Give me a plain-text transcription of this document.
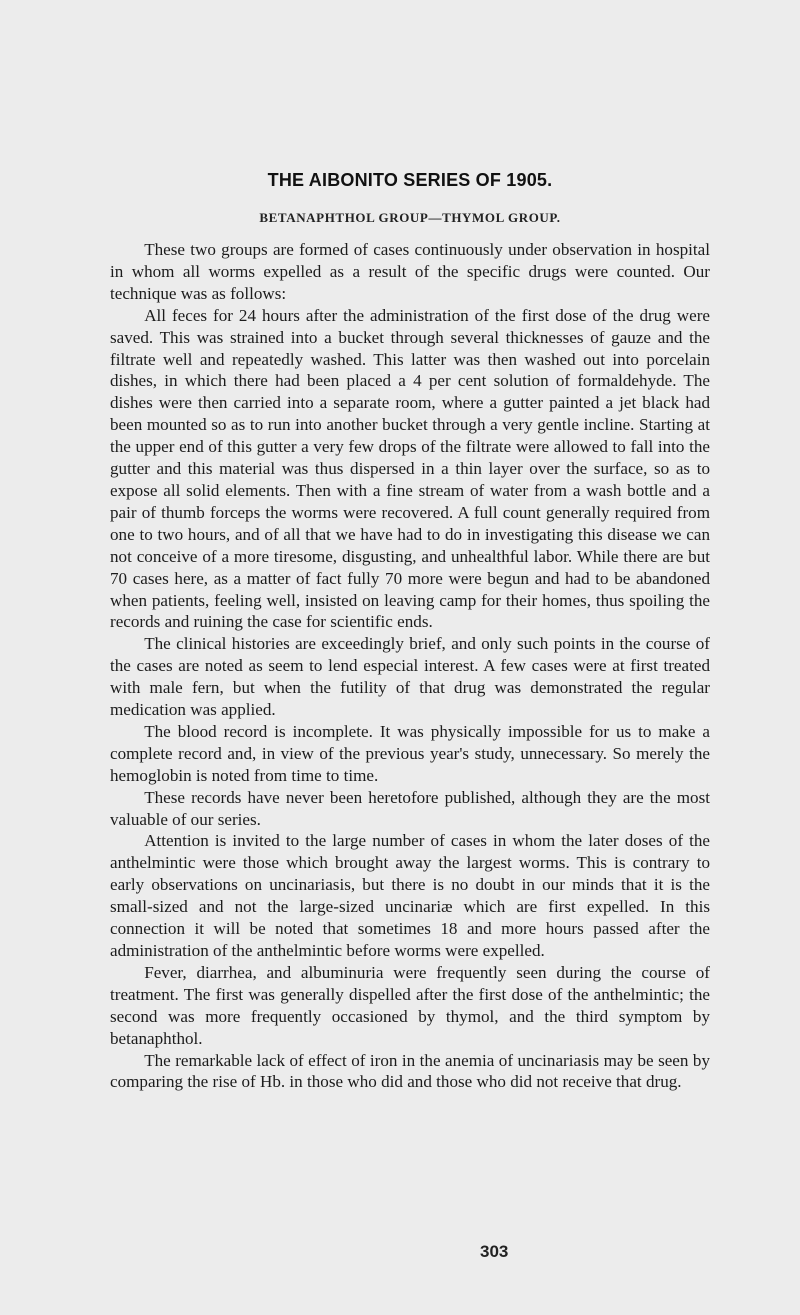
THE AIBONITO SERIES OF 1905.
BETANAPHTHOL GROUP—THYMOL GROUP.

These two groups are formed of cases continuously under observation in hospital in whom all worms expelled as a result of the specific drugs were counted. Our technique was as follows:

All feces for 24 hours after the administration of the first dose of the drug were saved. This was strained into a bucket through several thicknesses of gauze and the filtrate well and repeatedly washed. This latter was then washed out into porcelain dishes, in which there had been placed a 4 per cent solution of formaldehyde. The dishes were then carried into a separate room, where a gutter painted a jet black had been mounted so as to run into another bucket through a very gentle incline. Starting at the upper end of this gutter a very few drops of the filtrate were allowed to fall into the gutter and this material was thus dispersed in a thin layer over the surface, so as to expose all solid elements. Then with a fine stream of water from a wash bottle and a pair of thumb forceps the worms were recovered. A full count generally required from one to two hours, and of all that we have had to do in investigating this disease we can not conceive of a more tiresome, disgusting, and unhealthful labor. While there are but 70 cases here, as a matter of fact fully 70 more were begun and had to be abandoned when patients, feeling well, insisted on leaving camp for their homes, thus spoiling the records and ruining the case for scientific ends.

The clinical histories are exceedingly brief, and only such points in the course of the cases are noted as seem to lend especial interest. A few cases were at first treated with male fern, but when the futility of that drug was demonstrated the regular medication was applied.

The blood record is incomplete. It was physically impossible for us to make a complete record and, in view of the previous year's study, unnecessary. So merely the hemoglobin is noted from time to time.

These records have never been heretofore published, although they are the most valuable of our series.

Attention is invited to the large number of cases in whom the later doses of the anthelmintic were those which brought away the largest worms. This is contrary to early observations on uncinariasis, but there is no doubt in our minds that it is the small-sized and not the large-sized uncinariæ which are first expelled. In this connection it will be noted that sometimes 18 and more hours passed after the administration of the anthelmintic before worms were expelled.

Fever, diarrhea, and albuminuria were frequently seen during the course of treatment. The first was generally dispelled after the first dose of the anthelmintic; the second was more frequently occasioned by thymol, and the third symptom by betanaphthol.

The remarkable lack of effect of iron in the anemia of uncinariasis may be seen by comparing the rise of Hb. in those who did and those who did not receive that drug.

303
